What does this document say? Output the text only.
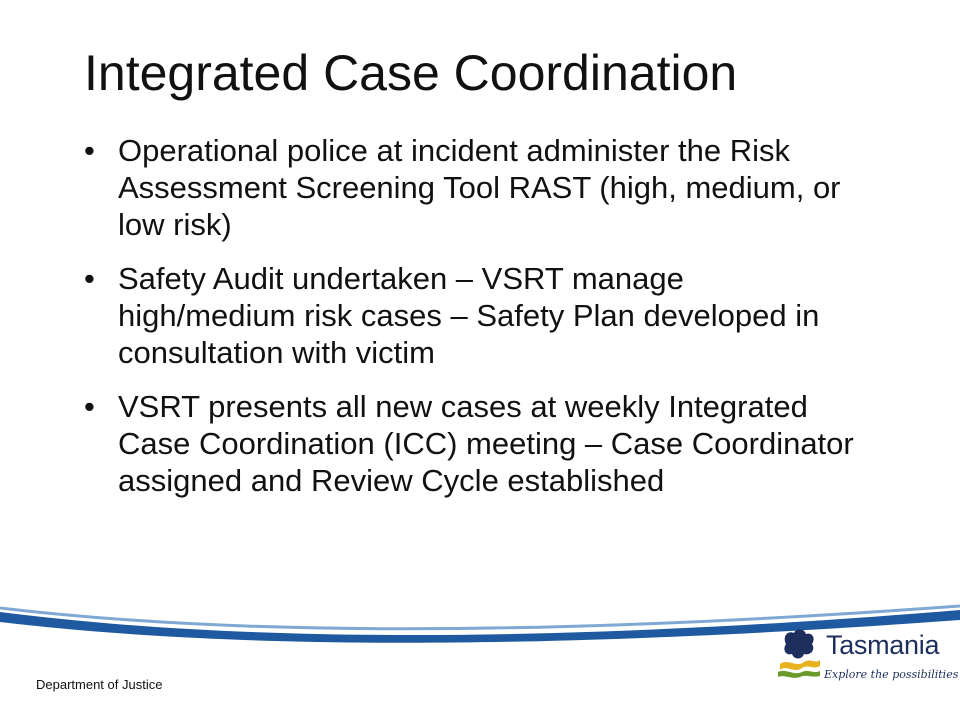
Integrated Case Coordination
• Operational police at incident administer the Risk Assessment Screening Tool RAST (high, medium, or low risk)
• Safety Audit undertaken – VSRT manage high/medium risk cases – Safety Plan developed in consultation with victim
• VSRT presents all new cases at weekly Integrated Case Coordination (ICC) meeting – Case Coordinator assigned and Review Cycle established
Department of Justice
Tasmania
Explore the possibilities
